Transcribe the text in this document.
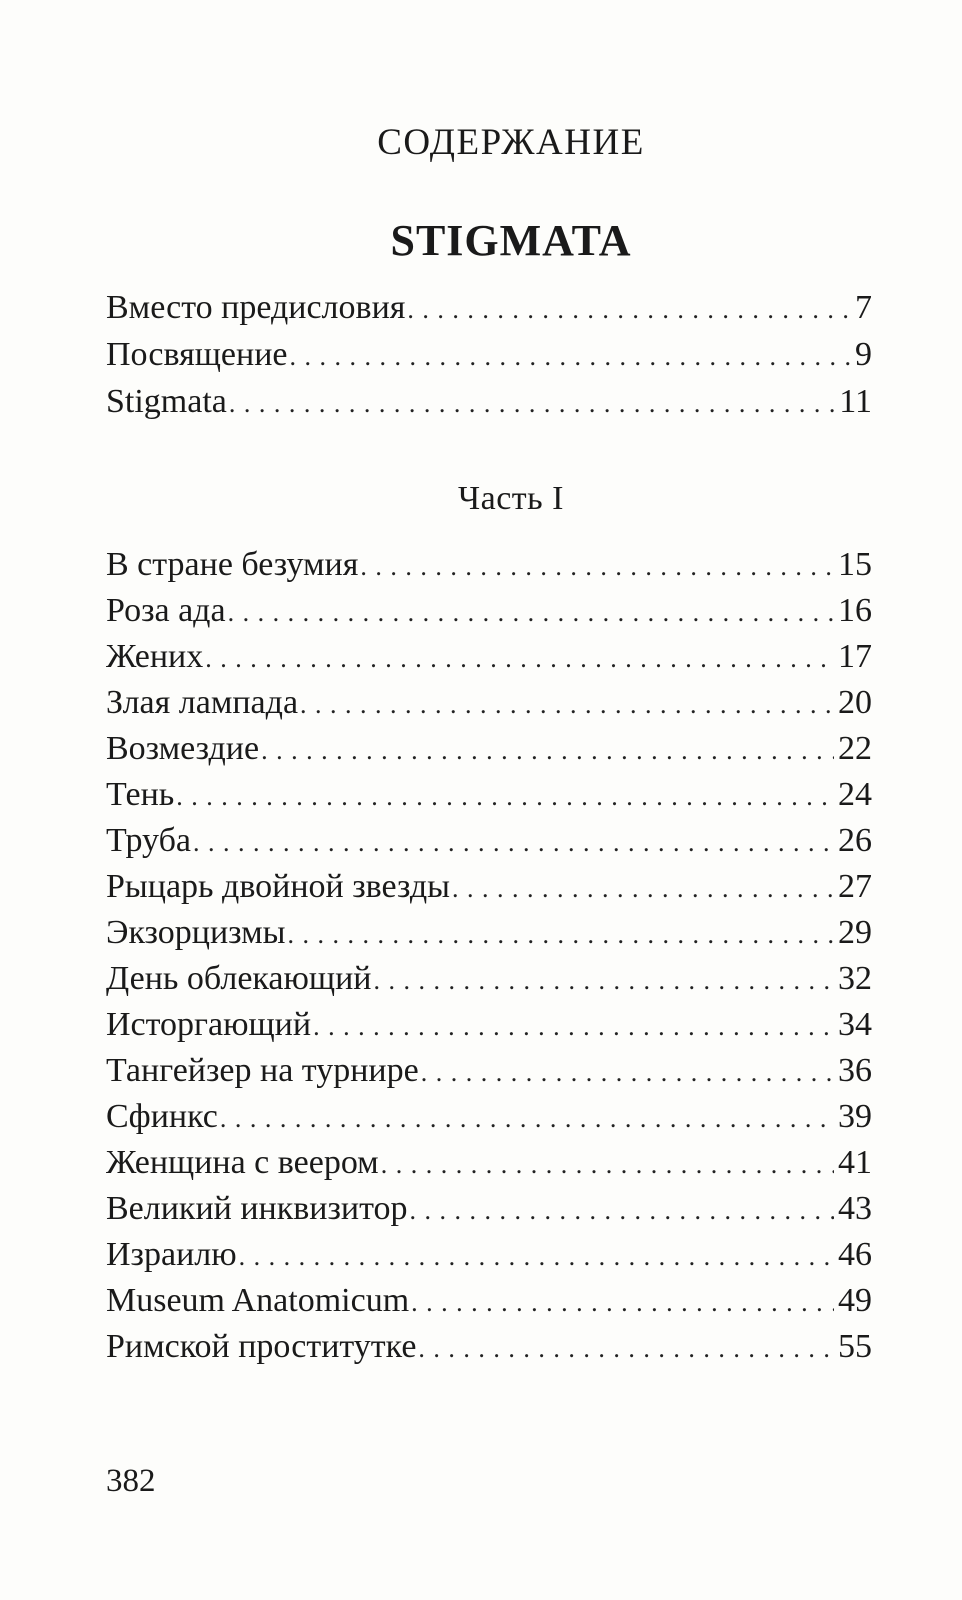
СОДЕРЖАНИЕ
STIGMATA
Вместо предисловия . . .	7
Посвящение . . .	9
Stigmata . . .	11
Часть I
В стране безумия . . .	15
Роза ада . . .	16
Жених . . .	17
Злая лампада . . .	20
Возмездие . . .	22
Тень . . .	24
Труба . . .	26
Рыцарь двойной звезды . . .	27
Экзорцизмы . . .	29
День облекающий . . .	32
Исторгающий . . .	34
Тангейзер на турнире . . .	36
Сфинкс . . .	39
Женщина с веером . . .	41
Великий инквизитор . . .	43
Израилю . . .	46
Museum Anatomicum . . .	49
Римской проститутке . . .	55
382
